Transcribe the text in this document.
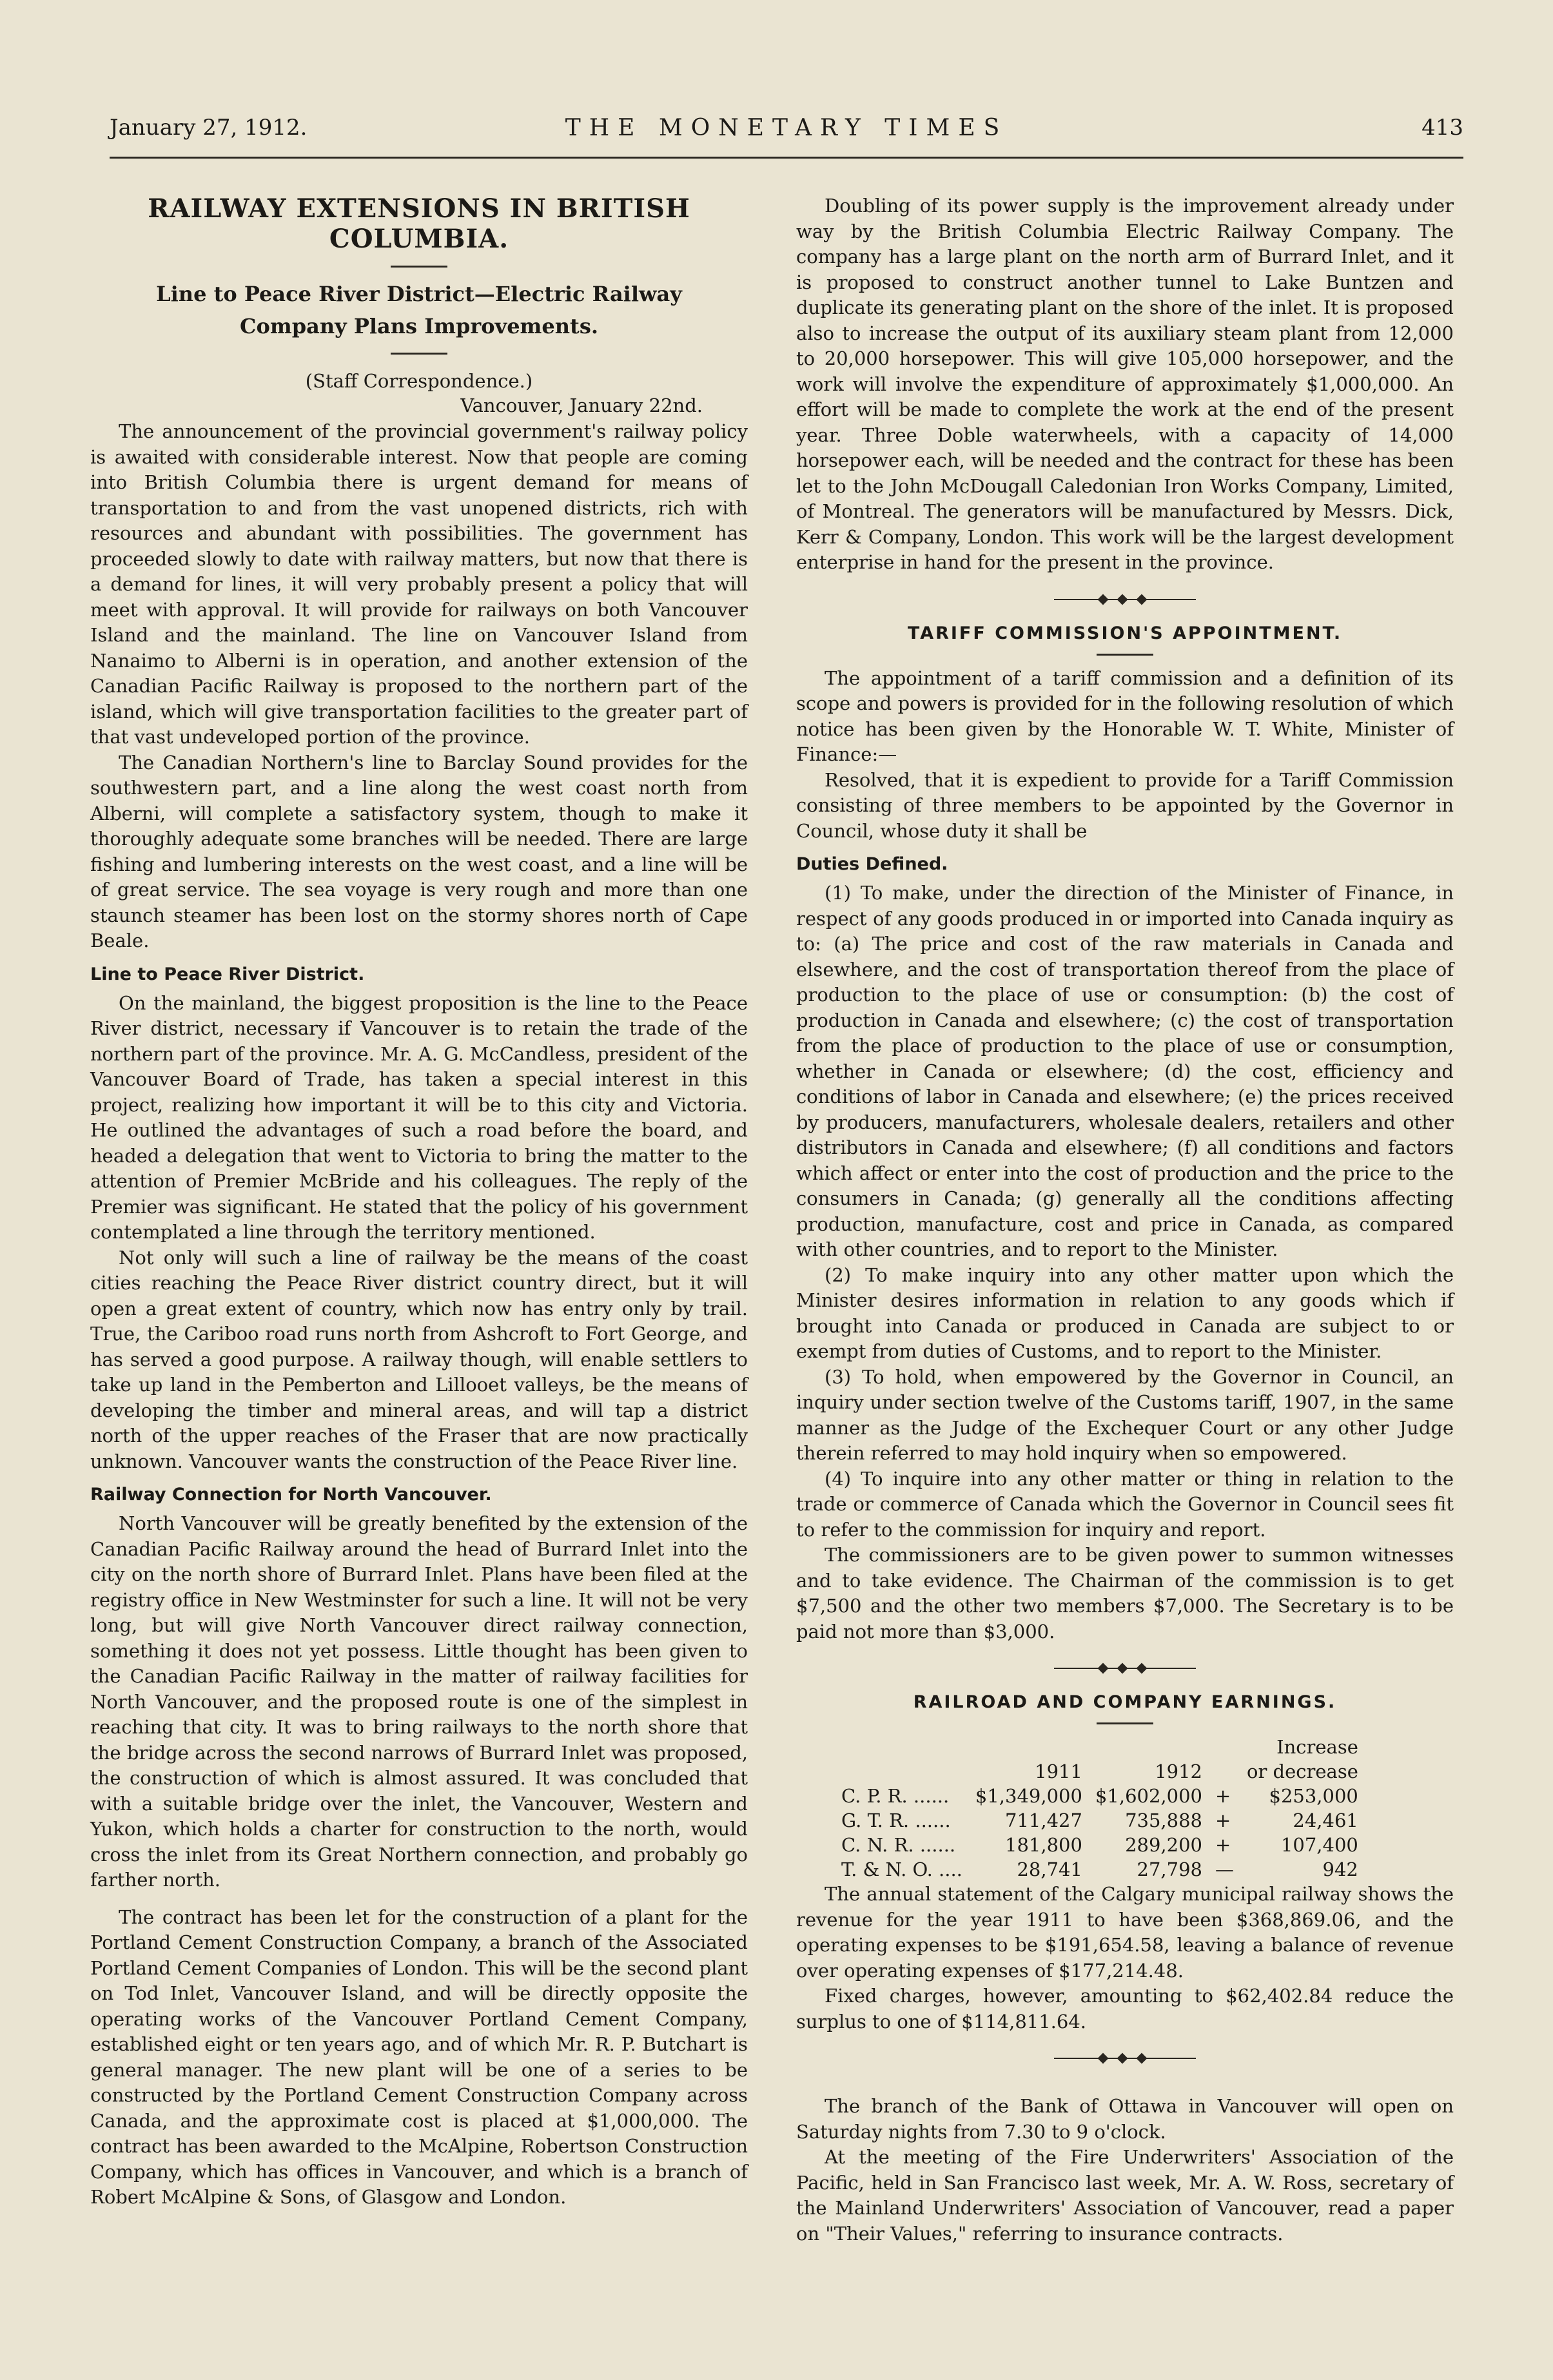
January 27, 1912.	THE MONETARY TIMES	413
RAILWAY EXTENSIONS IN BRITISH COLUMBIA.
Line to Peace River District—Electric Railway Company Plans Improvements.
(Staff Correspondence.)
Vancouver, January 22nd.

The announcement of the provincial government's railway policy is awaited with considerable interest. Now that people are coming into British Columbia there is urgent demand for means of transportation to and from the vast unopened districts, rich with resources and abundant with possibilities. The government has proceeded slowly to date with railway matters, but now that there is a demand for lines, it will very probably present a policy that will meet with approval. It will provide for railways on both Vancouver Island and the mainland. The line on Vancouver Island from Nanaimo to Alberni is in operation, and another extension of the Canadian Pacific Railway is proposed to the northern part of the island, which will give transportation facilities to the greater part of that vast undeveloped portion of the province.

The Canadian Northern's line to Barclay Sound provides for the southwestern part, and a line along the west coast north from Alberni, will complete a satisfactory system, though to make it thoroughly adequate some branches will be needed. There are large fishing and lumbering interests on the west coast, and a line will be of great service. The sea voyage is very rough and more than one staunch steamer has been lost on the stormy shores north of Cape Beale.

Line to Peace River District.

On the mainland, the biggest proposition is the line to the Peace River district, necessary if Vancouver is to retain the trade of the northern part of the province. Mr. A. G. McCandless, president of the Vancouver Board of Trade, has taken a special interest in this project, realizing how important it will be to this city and Victoria. He outlined the advantages of such a road before the board, and headed a delegation that went to Victoria to bring the matter to the attention of Premier McBride and his colleagues. The reply of the Premier was significant. He stated that the policy of his government contemplated a line through the territory mentioned.

Not only will such a line of railway be the means of the coast cities reaching the Peace River district country direct, but it will open a great extent of country, which now has entry only by trail. True, the Cariboo road runs north from Ashcroft to Fort George, and has served a good purpose. A railway though, will enable settlers to take up land in the Pemberton and Lillooet valleys, be the means of developing the timber and mineral areas, and will tap a district north of the upper reaches of the Fraser that are now practically unknown. Vancouver wants the construction of the Peace River line.

Railway Connection for North Vancouver.

North Vancouver will be greatly benefited by the extension of the Canadian Pacific Railway around the head of Burrard Inlet into the city on the north shore of Burrard Inlet. Plans have been filed at the registry office in New Westminster for such a line. It will not be very long, but will give North Vancouver direct railway connection, something it does not yet possess. Little thought has been given to the Canadian Pacific Railway in the matter of railway facilities for North Vancouver, and the proposed route is one of the simplest in reaching that city. It was to bring railways to the north shore that the bridge across the second narrows of Burrard Inlet was proposed, the construction of which is almost assured. It was concluded that with a suitable bridge over the inlet, the Vancouver, Western and Yukon, which holds a charter for construction to the north, would cross the inlet from its Great Northern connection, and probably go farther north.

The contract has been let for the construction of a plant for the Portland Cement Construction Company, a branch of the Associated Portland Cement Companies of London. This will be the second plant on Tod Inlet, Vancouver Island, and will be directly opposite the operating works of the Vancouver Portland Cement Company, established eight or ten years ago, and of which Mr. R. P. Butchart is general manager. The new plant will be one of a series to be constructed by the Portland Cement Construction Company across Canada, and the approximate cost is placed at $1,000,000. The contract has been awarded to the McAlpine, Robertson Construction Company, which has offices in Vancouver, and which is a branch of Robert McAlpine & Sons, of Glasgow and London.

Doubling of its power supply is the improvement already under way by the British Columbia Electric Railway Company. The company has a large plant on the north arm of Burrard Inlet, and it is proposed to construct another tunnel to Lake Buntzen and duplicate its generating plant on the shore of the inlet. It is proposed also to increase the output of its auxiliary steam plant from 12,000 to 20,000 horsepower. This will give 105,000 horsepower, and the work will involve the expenditure of approximately $1,000,000. An effort will be made to complete the work at the end of the present year. Three Doble waterwheels, with a capacity of 14,000 horsepower each, will be needed and the contract for these has been let to the John McDougall Caledonian Iron Works Company, Limited, of Montreal. The generators will be manufactured by Messrs. Dick, Kerr & Company, London. This work will be the largest development enterprise in hand for the present in the province.

TARIFF COMMISSION'S APPOINTMENT.

The appointment of a tariff commission and a definition of its scope and powers is provided for in the following resolution of which notice has been given by the Honorable W. T. White, Minister of Finance:—

Resolved, that it is expedient to provide for a Tariff Commission consisting of three members to be appointed by the Governor in Council, whose duty it shall be

Duties Defined.

(1) To make, under the direction of the Minister of Finance, in respect of any goods produced in or imported into Canada inquiry as to: (a) The price and cost of the raw materials in Canada and elsewhere, and the cost of transportation thereof from the place of production to the place of use or consumption: (b) the cost of production in Canada and elsewhere; (c) the cost of transportation from the place of production to the place of use or consumption, whether in Canada or elsewhere; (d) the cost, efficiency and conditions of labor in Canada and elsewhere; (e) the prices received by producers, manufacturers, wholesale dealers, retailers and other distributors in Canada and elsewhere; (f) all conditions and factors which affect or enter into the cost of production and the price to the consumers in Canada; (g) generally all the conditions affecting production, manufacture, cost and price in Canada, as compared with other countries, and to report to the Minister.

(2) To make inquiry into any other matter upon which the Minister desires information in relation to any goods which if brought into Canada or produced in Canada are subject to or exempt from duties of Customs, and to report to the Minister.

(3) To hold, when empowered by the Governor in Council, an inquiry under section twelve of the Customs tariff, 1907, in the same manner as the Judge of the Exchequer Court or any other Judge therein referred to may hold inquiry when so empowered.

(4) To inquire into any other matter or thing in relation to the trade or commerce of Canada which the Governor in Council sees fit to refer to the commission for inquiry and report.

The commissioners are to be given power to summon witnesses and to take evidence. The Chairman of the commission is to get $7,500 and the other two members $7,000. The Secretary is to be paid not more than $3,000.

RAILROAD AND COMPANY EARNINGS.
				Increase
	1911	1912		or decrease
C. P. R. ......	$1,349,000	$1,602,000	+	$253,000
G. T. R. ......	711,427	735,888	+	24,461
C. N. R. ......	181,800	289,200	+	107,400
T. & N. O. ....	28,741	27,798	—	942

The annual statement of the Calgary municipal railway shows the revenue for the year 1911 to have been $368,869.06, and the operating expenses to be $191,654.58, leaving a balance of revenue over operating expenses of $177,214.48.

Fixed charges, however, amounting to $62,402.84 reduce the surplus to one of $114,811.64.

The branch of the Bank of Ottawa in Vancouver will open on Saturday nights from 7.30 to 9 o'clock.

At the meeting of the Fire Underwriters' Association of the Pacific, held in San Francisco last week, Mr. A. W. Ross, secretary of the Mainland Underwriters' Association of Vancouver, read a paper on "Their Values," referring to insurance contracts.
